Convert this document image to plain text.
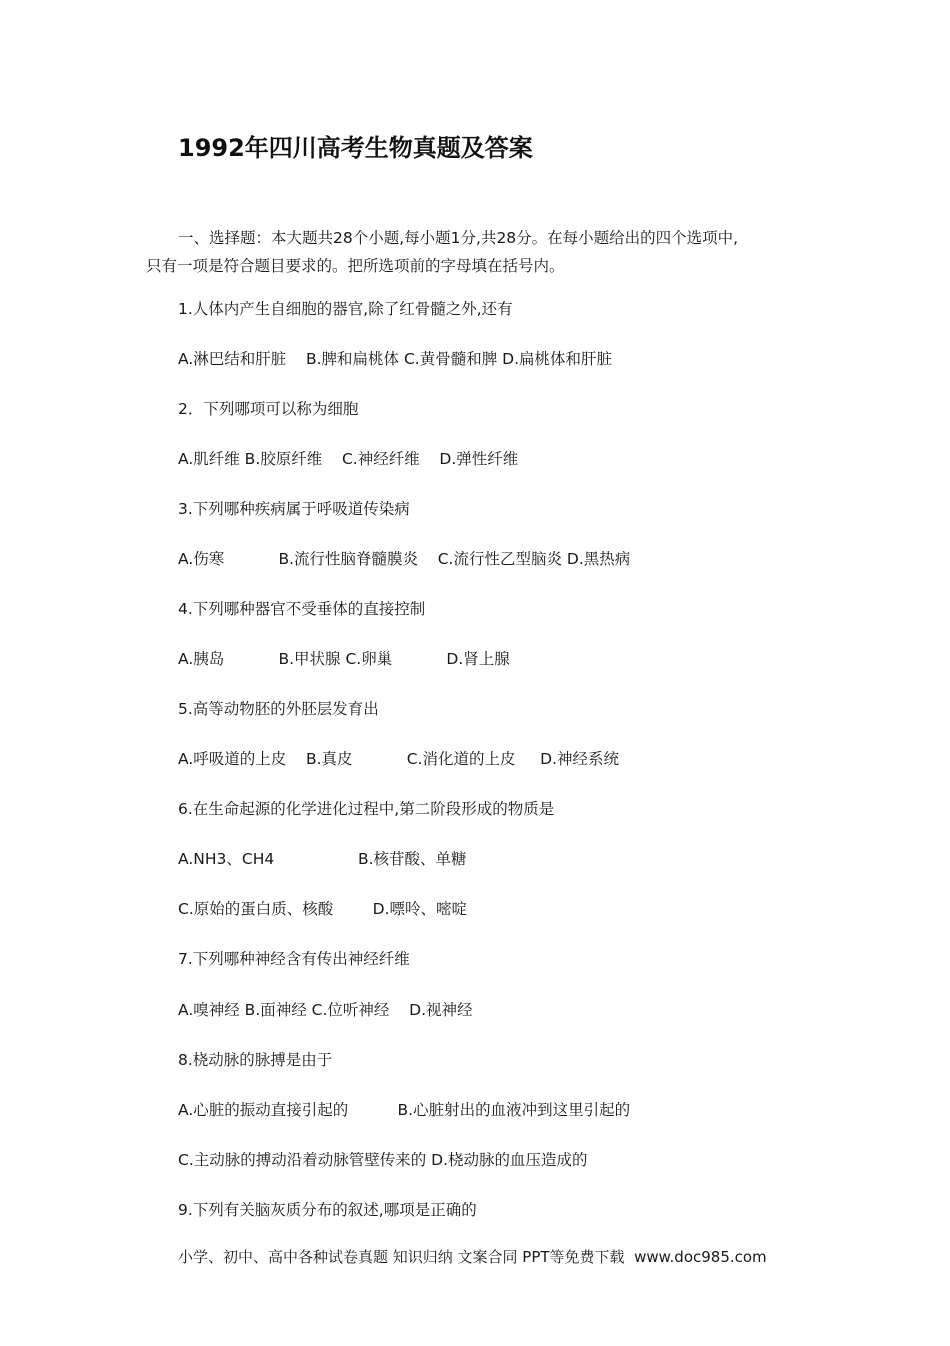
1992年四川高考生物真题及答案
一、选择题：本大题共28个小题,每小题1分,共28分。在每小题给出的四个选项中,
只有一项是符合题目要求的。把所选项前的字母填在括号内。
1.人体内产生自细胞的器官,除了红骨髓之外,还有
A.淋巴结和肝脏    B.脾和扁桃体 C.黄骨髓和脾 D.扁桃体和肝脏
2．下列哪项可以称为细胞
A.肌纤维 B.胶原纤维    C.神经纤维    D.弹性纤维
3.下列哪种疾病属于呼吸道传染病
A.伤寒           B.流行性脑脊髓膜炎    C.流行性乙型脑炎 D.黑热病
4.下列哪种器官不受垂体的直接控制
A.胰岛           B.甲状腺 C.卵巢           D.肾上腺
5.高等动物胚的外胚层发育出
A.呼吸道的上皮    B.真皮           C.消化道的上皮     D.神经系统
6.在生命起源的化学进化过程中,第二阶段形成的物质是
A.NH3、CH4                 B.核苷酸、单糖
C.原始的蛋白质、核酸        D.嘌呤、嘧啶
7.下列哪种神经含有传出神经纤维
A.嗅神经 B.面神经 C.位听神经    D.视神经
8.桡动脉的脉搏是由于
A.心脏的振动直接引起的          B.心脏射出的血液冲到这里引起的
C.主动脉的搏动沿着动脉管壁传来的 D.桡动脉的血压造成的
9.下列有关脑灰质分布的叙述,哪项是正确的
小学、初中、高中各种试卷真题 知识归纳 文案合同 PPT等免费下载  www.doc985.com
